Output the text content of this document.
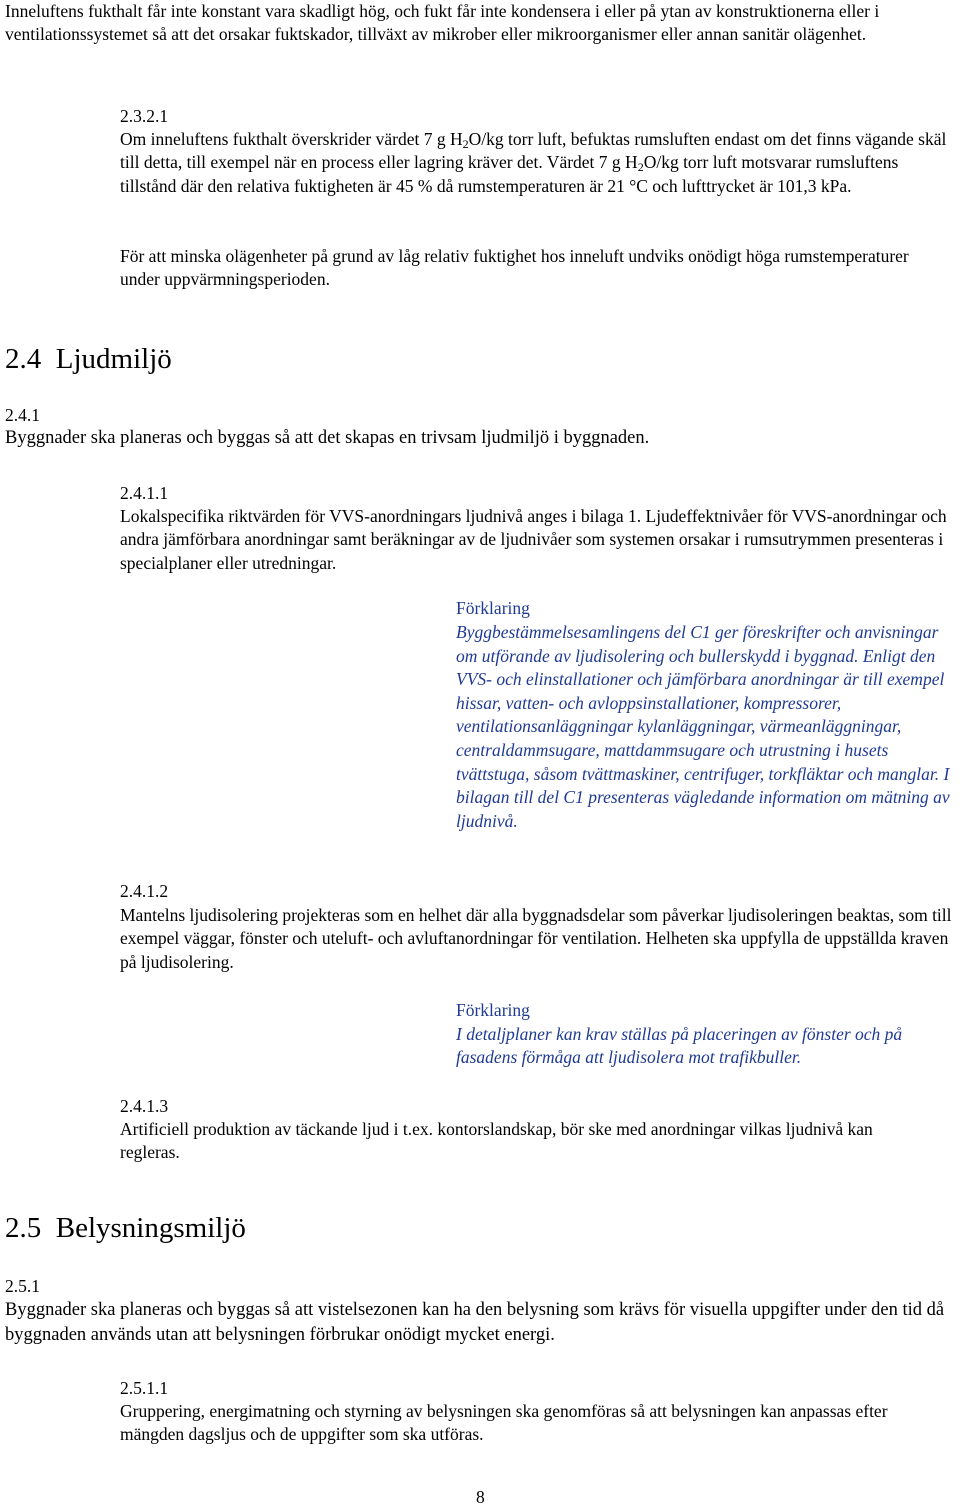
Inneluftens fukthalt får inte konstant vara skadligt hög, och fukt får inte kondensera i eller på ytan av konstruktionerna eller i ventilationssystemet så att det orsakar fuktskador, tillväxt av mikrober eller mikroorganismer eller annan sanitär olägenhet.

2.3.2.1

Om inneluftens fukthalt överskrider värdet 7 g $H_2O/kg$ torr luft, befuktas rumsluften endast om det finns vägande skäl till detta, till exempel när en process eller lagring kräver det. Värdet 7 g $H_2O/kg$ torr luft motsvarar rumsluftens tillstånd där den relativa fuktigheten är 45 % då rumstemperaturen är 21 °C och lufttrycket är 101,3 kPa.

För att minska olägenheter på grund av låg relativ fuktighet hos inneluft undviks onödigt höga rumstemperaturer under uppvärmningsperioden.

2.4 Ljudmiljö
2.4.1

Byggnader ska planeras och byggas så att det skapas en trivsam ljudmiljö i byggnaden.

2.4.1.1

Lokalspecifika riktvärden för VVS-anordningars ljudnivå anges i bilaga 1. Ljudeffektnivåer för VVS-anordningar och andra jämförbara anordningar samt beräkningar av de ljudnivåer som systemen orsakar i rumsutrymmen presenteras i specialplaner eller utredningar.

Förklaring

Byggbestämmelsesamlingens del C1 ger föreskrifter och anvisningar om utförande av ljudisolering och bullerskydd i byggnad. Enligt den VVS- och elinstallationer och jämförbara anordningar är till exempel hissar, vatten- och avloppsinstallationer, kompressorer, ventilationsanläggningar kylanläggningar, värmeanläggningar, centraldammsugare, mattdammsugare och utrustning i husets tvättstuga, såsom tvättmaskiner, centrifuger, torkfläktar och manglar. I bilagan till del C1 presenteras vägledande information om mätning av ljudnivå.

2.4.1.2

Mantelns ljudisolering projekteras som en helhet där alla byggnadsdelar som påverkar ljudisoleringen beaktas, som till exempel väggar, fönster och uteluft- och avluftanordningar för ventilation. Helheten ska uppfylla de uppställda kraven på ljudisolering.

Förklaring

I detaljplaner kan krav ställas på placeringen av fönster och på fasadens förmåga att ljudisolera mot trafikbuller.

2.4.1.3

Artificiell produktion av täckande ljud i t.ex. kontorslandskap, bör ske med anordningar vilkas ljudnivå kan regleras.

2.5 Belysningsmiljö
2.5.1

Byggnader ska planeras och byggas så att vistelsezonen kan ha den belysning som krävs för visuella uppgifter under den tid då byggnaden används utan att belysningen förbrukar onödigt mycket energi.

2.5.1.1

Gruppering, energimatning och styrning av belysningen ska genomföras så att belysningen kan anpassas efter mängden dagsljus och de uppgifter som ska utföras.

8
